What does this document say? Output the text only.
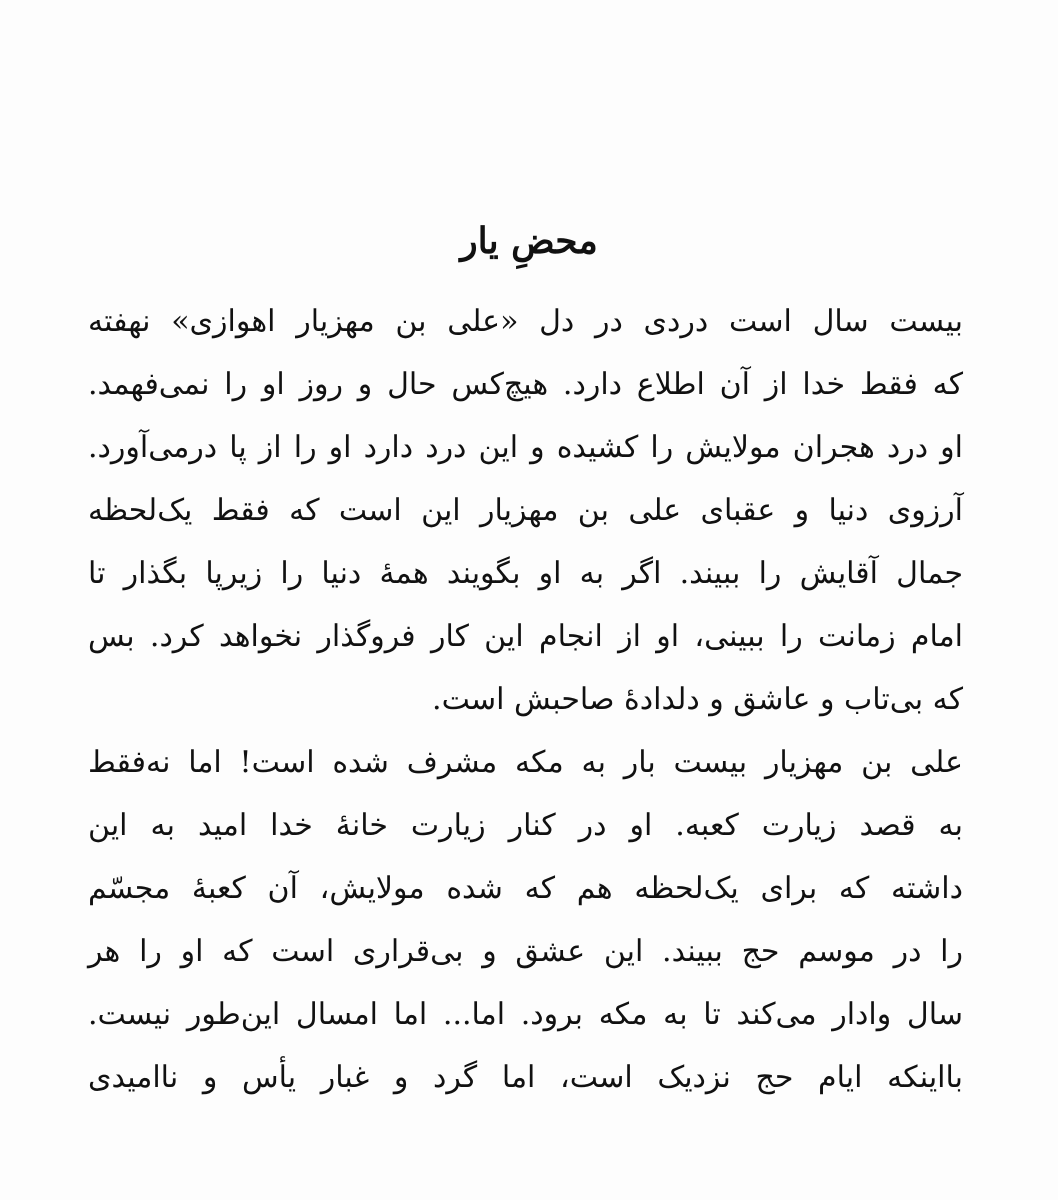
محضِ یار
بیست سال است دردی در دل «علی بن مهزیار اهوازی» نهفته
که فقط خدا از آن اطلاع دارد. هیچ‌کس حال و روز او را نمی‌فهمد.
او درد هجران مولایش را کشیده و این درد دارد او را از پا درمی‌آورد.
آرزوی دنیا و عقبای علی بن مهزیار این است که فقط یک‌لحظه
جمال آقایش را ببیند. اگر به او بگویند همهٔ دنیا را زیرپا بگذار تا
امام زمانت را ببینی، او از انجام این کار فروگذار نخواهد کرد. بس
که بی‌تاب و عاشق و دلدادهٔ صاحبش است.
علی بن مهزیار بیست بار به مکه مشرف شده است! اما نه‌فقط
به قصد زیارت کعبه. او در کنار زیارت خانهٔ خدا امید به این
داشته که برای یک‌لحظه هم که شده مولایش، آن کعبهٔ مجسّم
را در موسم حج ببیند. این عشق و بی‌قراری است که او را هر
سال وادار می‌کند تا به مکه برود. اما... اما امسال این‌طور نیست.
بااینکه ایام حج نزدیک است، اما گرد و غبار یأس و ناامیدی
